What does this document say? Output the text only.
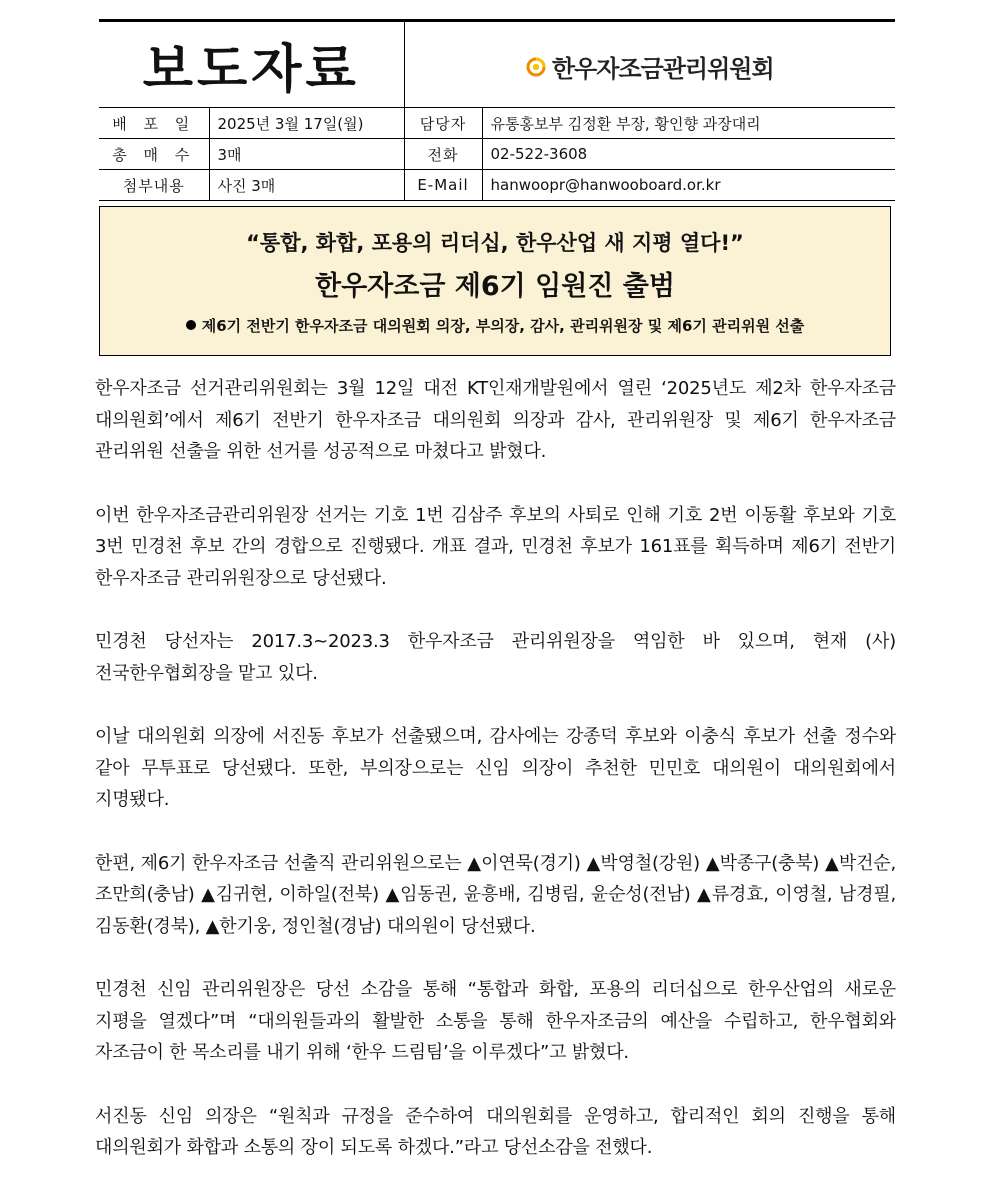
보도자료		한우자조금관리위원회	

배 포 일	2025년 3월 17일(월)	담당자	유통홍보부 김정환 부장, 황인향 과장대리
총 매 수	3매	전화	02-522-3608
첨부내용	사진 3매	E-Mail	hanwoopr@hanwooboard.or.kr
“통합, 화합, 포용의 리더십, 한우산업 새 지평 열다!”
한우자조금 제6기 임원진 출범
제6기 전반기 한우자조금 대의원회 의장, 부의장, 감사, 관리위원장 및 제6기 관리위원 선출

한우자조금 선거관리위원회는 3월 12일 대전 KT인재개발원에서 열린 ‘2025년도 제2차 한우자조금 대의원회’에서 제6기 전반기 한우자조금 대의원회 의장과 감사, 관리위원장 및 제6기 한우자조금 관리위원 선출을 위한 선거를 성공적으로 마쳤다고 밝혔다.

이번 한우자조금관리위원장 선거는 기호 1번 김삼주 후보의 사퇴로 인해 기호 2번 이동활 후보와 기호 3번 민경천 후보 간의 경합으로 진행됐다. 개표 결과, 민경천 후보가 161표를 획득하며 제6기 전반기 한우자조금 관리위원장으로 당선됐다.

민경천 당선자는 2017.3~2023.3 한우자조금 관리위원장을 역임한 바 있으며, 현재 (사)전국한우협회장을 맡고 있다.

이날 대의원회 의장에 서진동 후보가 선출됐으며, 감사에는 강종덕 후보와 이충식 후보가 선출 정수와 같아 무투표로 당선됐다. 또한, 부의장으로는 신임 의장이 추천한 민민호 대의원이 대의원회에서 지명됐다.

한편, 제6기 한우자조금 선출직 관리위원으로는 ▲이연묵(경기) ▲박영철(강원) ▲박종구(충북) ▲박건순, 조만희(충남) ▲김귀현, 이하일(전북) ▲임동권, 윤흥배, 김병림, 윤순성(전남) ▲류경효, 이영철, 남경필, 김동환(경북), ▲한기웅, 정인철(경남) 대의원이 당선됐다.

민경천 신임 관리위원장은 당선 소감을 통해 “통합과 화합, 포용의 리더십으로 한우산업의 새로운 지평을 열겠다”며 “대의원들과의 활발한 소통을 통해 한우자조금의 예산을 수립하고, 한우협회와 자조금이 한 목소리를 내기 위해 ‘한우 드림팀’을 이루겠다”고 밝혔다.

서진동 신임 의장은 “원칙과 규정을 준수하여 대의원회를 운영하고, 합리적인 회의 진행을 통해 대의원회가 화합과 소통의 장이 되도록 하겠다.”라고 당선소감을 전했다.
